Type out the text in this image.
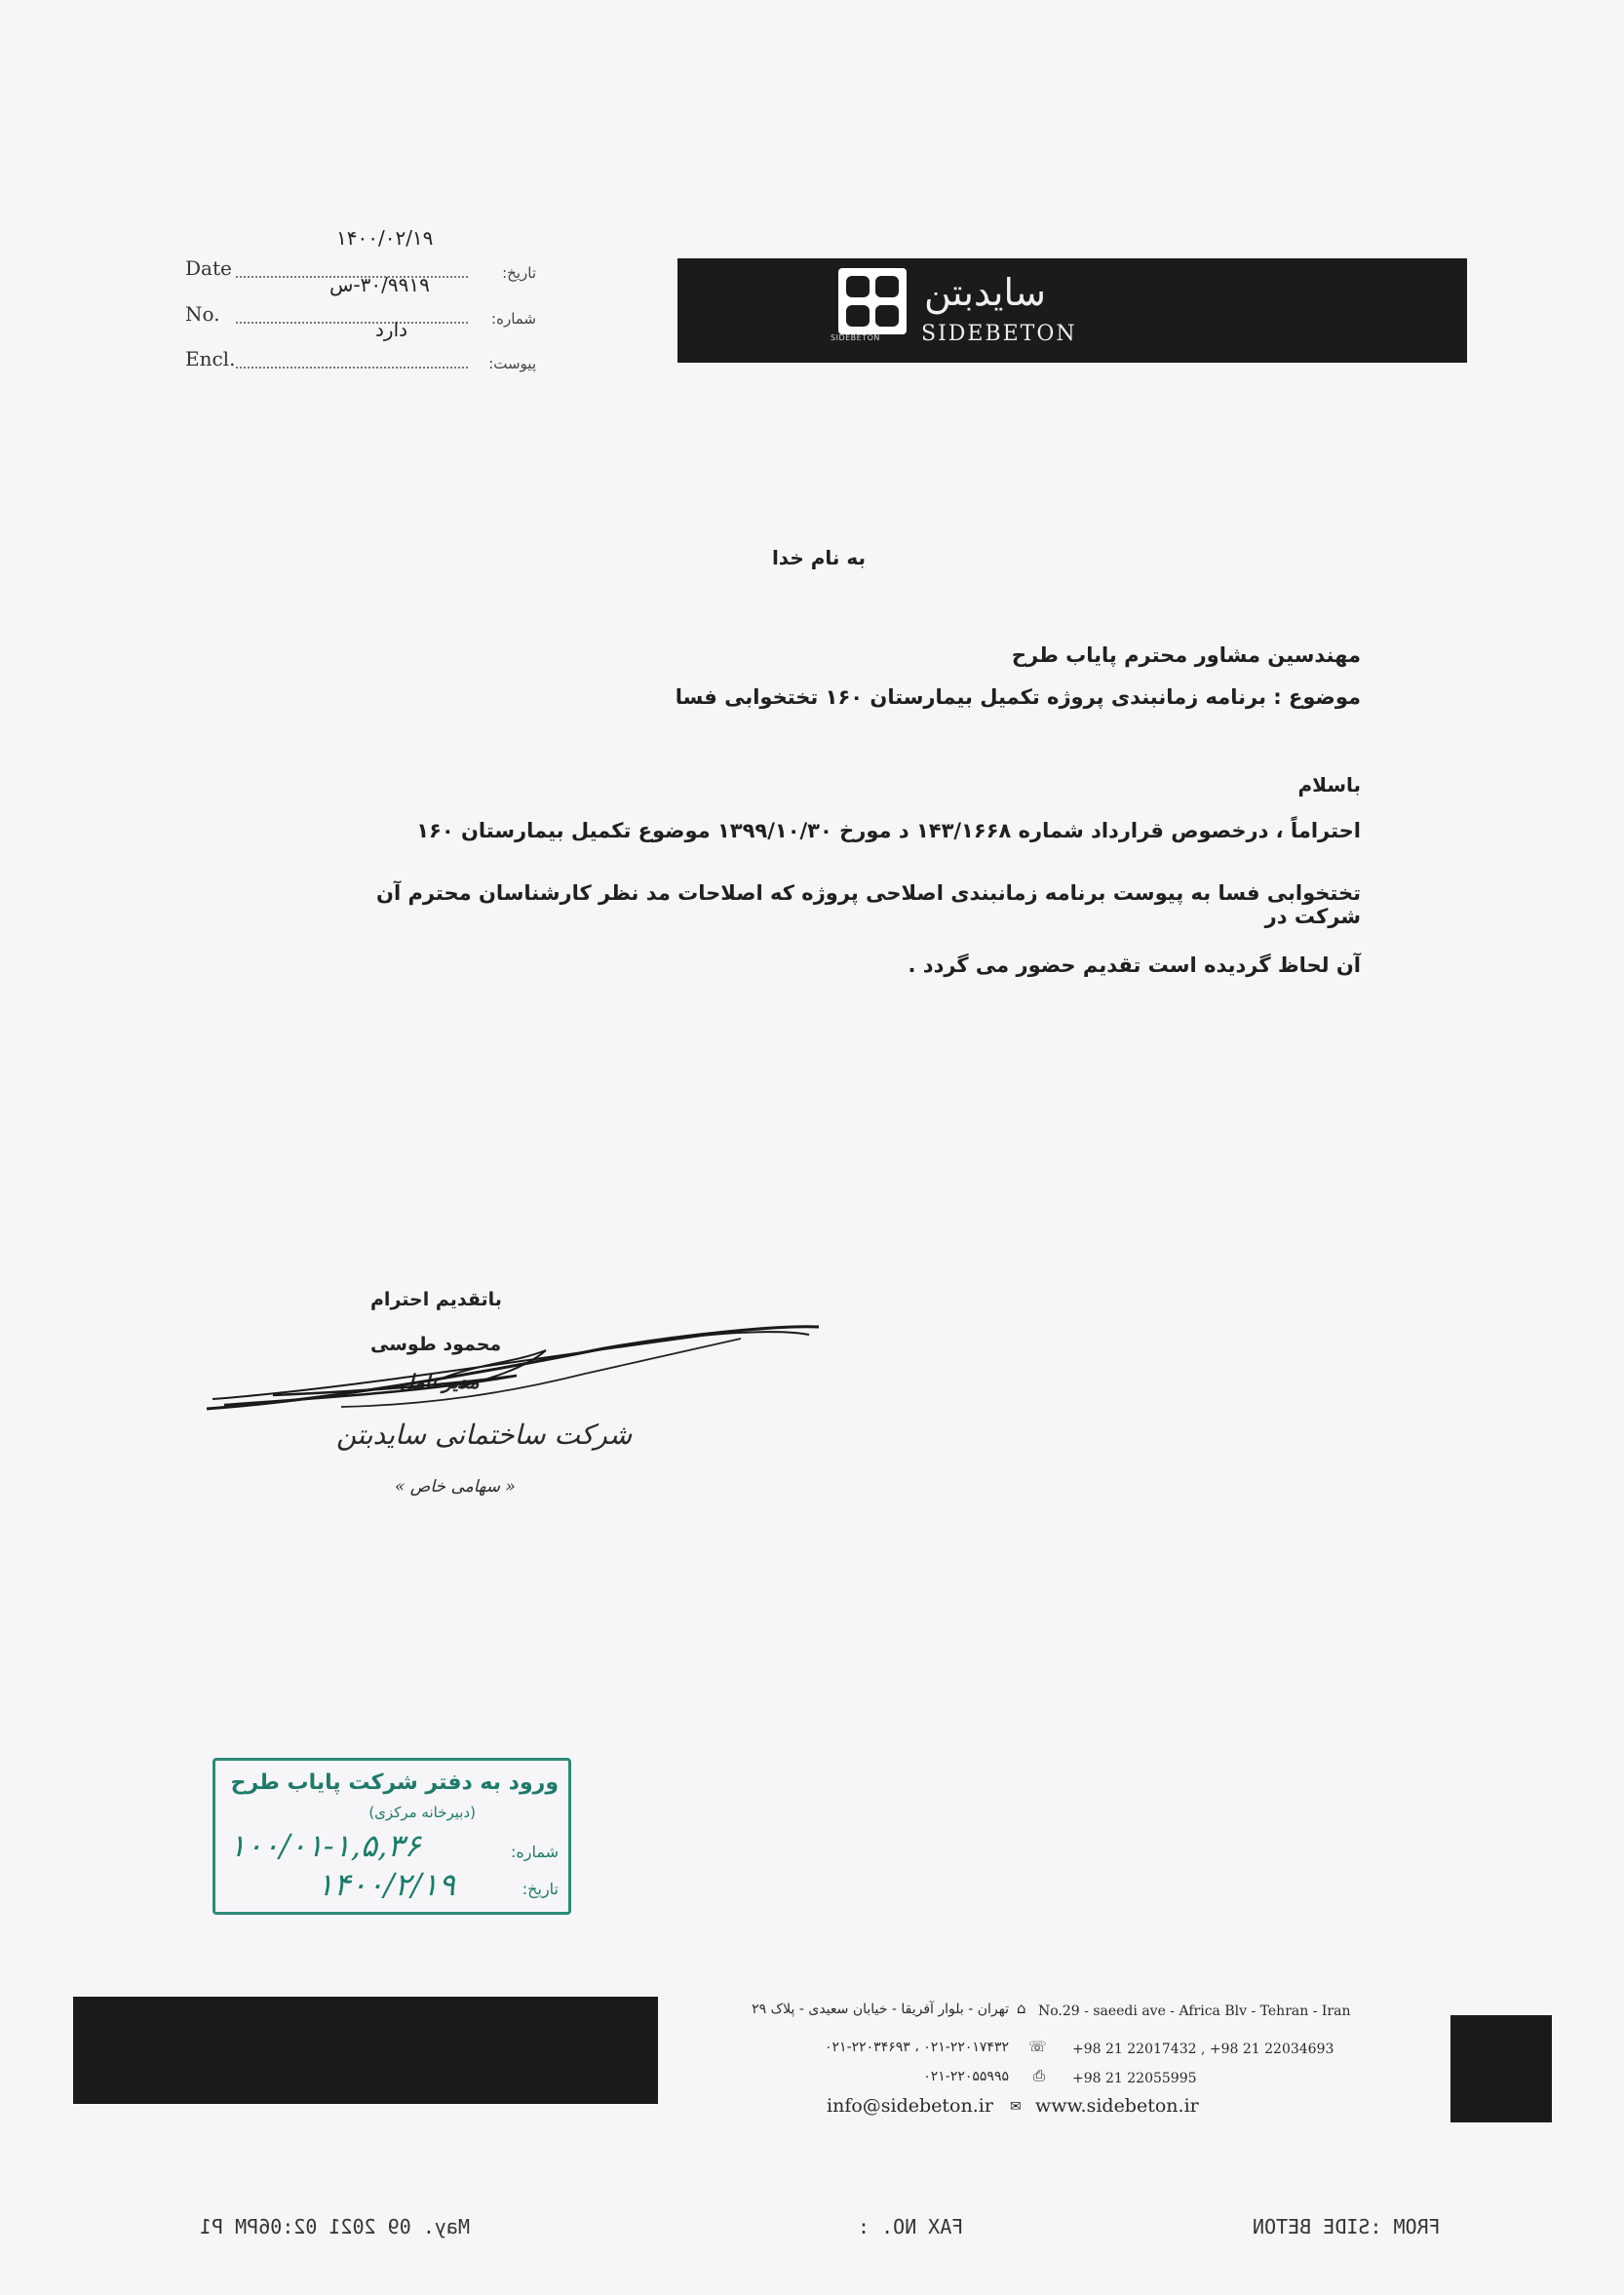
Date	تاریخ:
۱۴۰۰/۰۲/۱۹
No.	شماره:
۳۰/۹۹۱۹-س
Encl.	پیوست:
دارد	SIDEBETON
سایدبتن
SIDEBETON
به نام خدا
مهندسین مشاور محترم پایاب طرح
موضوع : برنامه زمانبندی پروژه تکمیل بیمارستان ۱۶۰ تختخوابی فسا
باسلام
احتراماً ، درخصوص قرارداد شماره ۱۴۳/۱۶۶۸ د مورخ ۱۳۹۹/۱۰/۳۰ موضوع تکمیل بیمارستان ۱۶۰
تختخوابی فسا به پیوست برنامه زمانبندی اصلاحی پروژه که اصلاحات مد نظر کارشناسان محترم آن شرکت در
آن لحاظ گردیده است تقدیم حضور می گردد .
باتقدیم احترام
محمود طوسی
مدیرعامل
شرکت ساختمانی سایدبتن
« سهامی خاص »
ورود به دفتر شرکت پایاب طرح
(دبیرخانه مرکزی)
شماره:
۱۰۰/۰۱-۱,۵,۳۶
تاریخ:
۱۴۰۰/۲/۱۹
تهران - بلوار آفریقا - خیابان سعیدی - پلاک ۲۹ ⌂ No.29 - saeedi ave - Africa Blv - Tehran - Iran
۰۲۱-۲۲۰۱۷۴۳۲ ، ۰۲۱-۲۲۰۳۴۶۹۳ ☏ +98 21 22017432 , +98 21 22034693
۰۲۱-۲۲۰۵۵۹۹۵ ⎙ +98 21 22055995
info@sidebeton.ir ✉ www.sidebeton.ir
FROM :SIDE BETON
FAX NO. :
May. 09 2021 02:06PM P1
